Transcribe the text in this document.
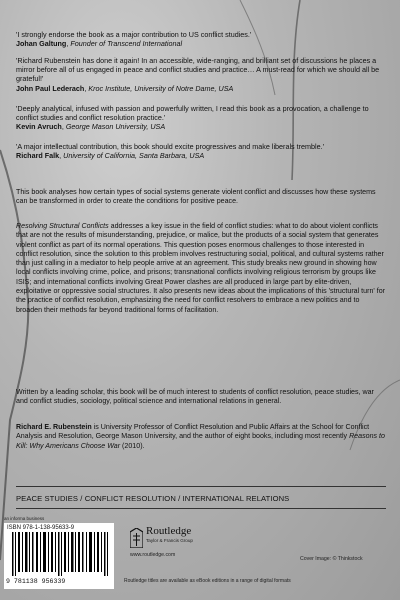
'I strongly endorse the book as a major contribution to US conflict studies.'
Johan Galtung, Founder of Transcend International
'Richard Rubenstein has done it again! In an accessible, wide-ranging, and brilliant set of discussions he places a mirror before all of us engaged in peace and conflict studies and practice… A must-read for which we should all be grateful!'
John Paul Lederach, Kroc Institute, University of Notre Dame, USA
'Deeply analytical, infused with passion and powerfully written, I read this book as a provocation, a challenge to conflict studies and conflict resolution practice.'
Kevin Avruch, George Mason University, USA
'A major intellectual contribution, this book should excite progressives and make liberals tremble.'
Richard Falk, University of California, Santa Barbara, USA
This book analyses how certain types of social systems generate violent conflict and discusses how these systems can be transformed in order to create the conditions for positive peace.
Resolving Structural Conflicts addresses a key issue in the field of conflict studies: what to do about violent conflicts that are not the results of misunderstanding, prejudice, or malice, but the products of a social system that generates violent conflict as part of its normal operations. This question poses enormous challenges to those interested in conflict resolution, since the solution to this problem involves restructuring social, political, and cultural systems rather than just calling in a mediator to help people arrive at an agreement. This study breaks new ground in showing how local conflicts involving crime, police, and prisons; transnational conflicts involving religious terrorism by groups like ISIS; and international conflicts involving Great Power clashes are all produced in large part by elite-driven, exploitative or oppressive social structures. It also presents new ideas about the implications of this 'structural turn' for the practice of conflict resolution, emphasizing the need for conflict resolvers to embrace a new politics and to broaden their methods far beyond traditional forms of facilitation.
Written by a leading scholar, this book will be of much interest to students of conflict resolution, peace studies, war and conflict studies, sociology, political science and international relations in general.
Richard E. Rubenstein is University Professor of Conflict Resolution and Public Affairs at the School for Conflict Analysis and Resolution, George Mason University, and the author of eight books, including most recently Reasons to Kill: Why Americans Choose War (2010).
PEACE STUDIES / CONFLICT RESOLUTION / INTERNATIONAL RELATIONS
an informa business
ISBN 978-1-138-95633-9
9 781138 956339
Routledge
Taylor & Francis Group
www.routledge.com
Cover Image: © Thinkstock
Routledge titles are available as eBook editions in a range of digital formats
